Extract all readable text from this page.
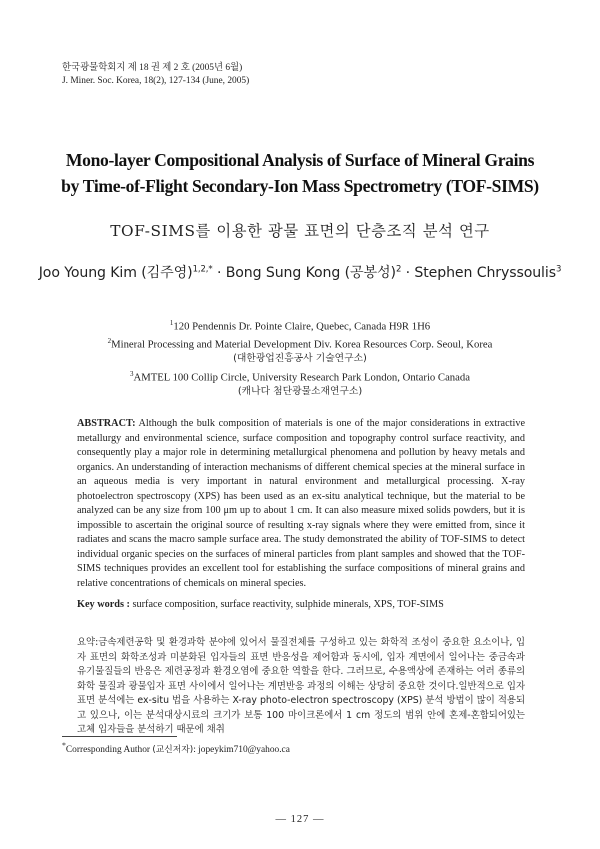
한국광물학회지 제 18 권 제 2 호 (2005년 6월)
J. Miner. Soc. Korea, 18(2), 127-134 (June, 2005)
Mono-layer Compositional Analysis of Surface of Mineral Grains
by Time-of-Flight Secondary-Ion Mass Spectrometry (TOF-SIMS)
TOF-SIMS를 이용한 광물 표면의 단층조직 분석 연구
Joo Young Kim (김주영)$^{1,2,*}$ · Bong Sung Kong (공봉성)$^2$ · Stephen Chryssoulis$^3$
$^1$120 Pendennis Dr. Pointe Claire, Quebec, Canada H9R 1H6
$^2$Mineral Processing and Material Development Div. Korea Resources Corp. Seoul, Korea
(대한광업진흥공사 기술연구소)
$^3$AMTEL 100 Collip Circle, University Research Park London, Ontario Canada
(캐나다 첨단광물소재연구소)
ABSTRACT: Although the bulk composition of materials is one of the major considerations in extractive metallurgy and environmental science, surface composition and topography control surface reactivity, and consequently play a major role in determining metallurgical phenomena and pollution by heavy metals and organics. An understanding of interaction mechanisms of different chemical species at the mineral surface in an aqueous media is very important in natural environment and metallurgical processing. X-ray photoelectron spectroscopy (XPS) has been used as an ex-situ analytical technique, but the material to be analyzed can be any size from 100 μm up to about 1 cm. It can also measure mixed solids powders, but it is impossible to ascertain the original source of resulting x-ray signals where they were emitted from, since it radiates and scans the macro sample surface area. The study demonstrated the ability of TOF-SIMS to detect individual organic species on the surfaces of mineral particles from plant samples and showed that the TOF-SIMS techniques provides an excellent tool for establishing the surface compositions of mineral grains and relative concentrations of chemicals on mineral species.
Key words : surface composition, surface reactivity, sulphide minerals, XPS, TOF-SIMS
요약:금속제련공학 및 환경과학 분야에 있어서 물질전체를 구성하고 있는 화학적 조성이 중요한 요소이나, 입자 표면의 화학조성과 미분화된 입자들의 표면 반응성을 제어함과 동시에, 입자 계면에서 일어나는 중금속과 유기물질들의 반응은 제련공정과 환경오염에 중요한 역할을 한다. 그러므로, 수용액상에 존재하는 여러 종류의 화학 물질과 광물입자 표면 사이에서 일어나는 계면반응 과정의 이해는 상당히 중요한 것이다.일반적으로 입자 표면 분석에는 ex-situ 법을 사용하는 X-ray photo-electron spectroscopy (XPS) 분석 방법이 많이 적용되고 있으나, 이는 분석대상시료의 크기가 보통 100 마이크론에서 1 cm 정도의 범위 안에 혼제-혼합되어있는 고체 입자들을 분석하기 때문에 채취
*Corresponding Author (교신저자): jopeykim710@yahoo.ca
— 127 —
